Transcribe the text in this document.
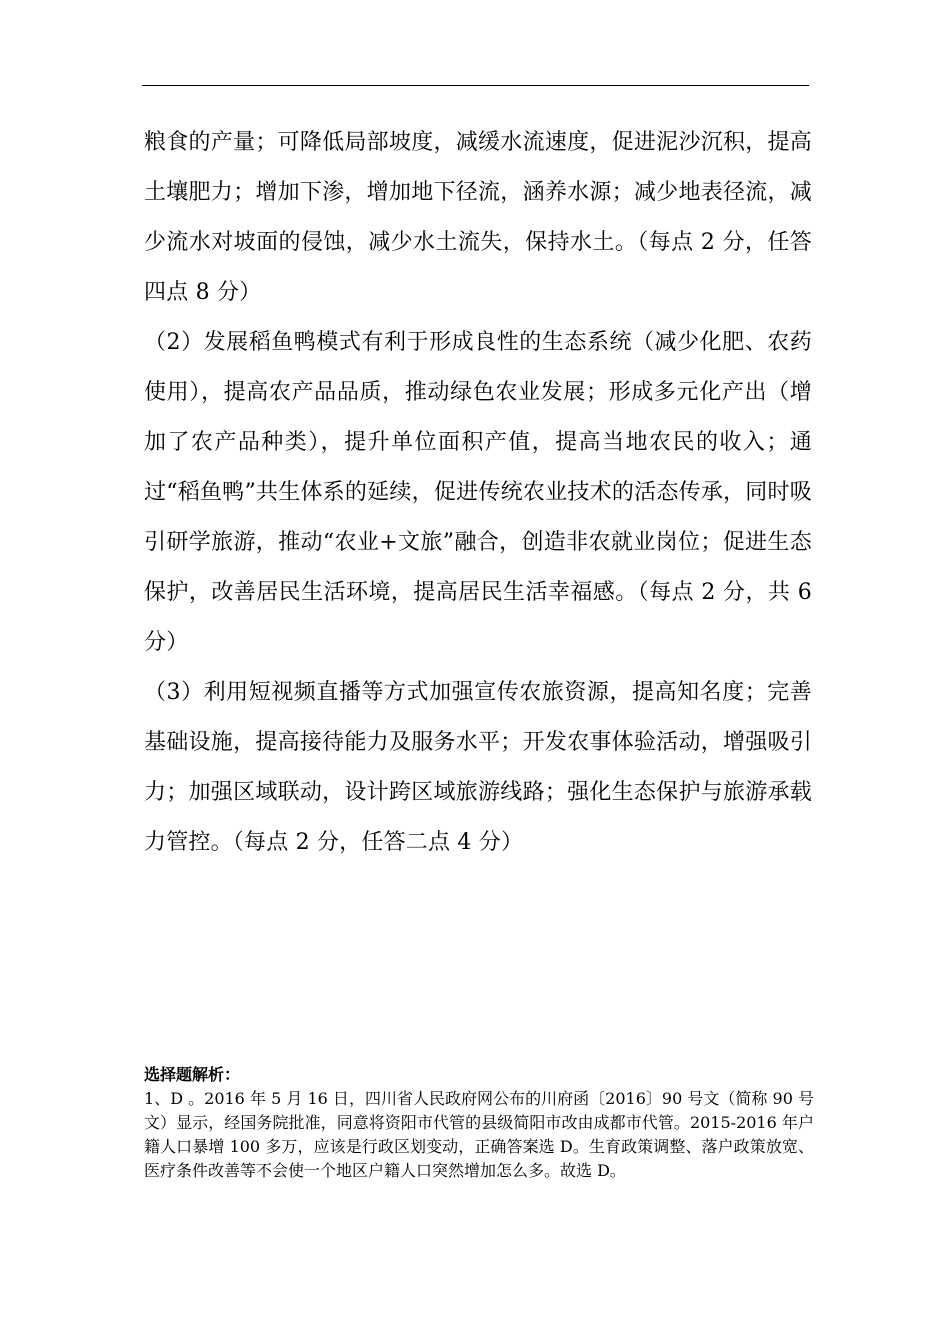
粮食的产量；可降低局部坡度，减缓水流速度，促进泥沙沉积，提高土壤肥力；增加下渗，增加地下径流，涵养水源；减少地表径流，减少流水对坡面的侵蚀，减少水土流失，保持水土。（每点 2 分，任答四点 8 分）

（2）发展稻鱼鸭模式有利于形成良性的生态系统（减少化肥、农药使用），提高农产品品质，推动绿色农业发展；形成多元化产出（增加了农产品种类），提升单位面积产值，提高当地农民的收入；通过“稻鱼鸭”共生体系的延续，促进传统农业技术的活态传承，同时吸引研学旅游，推动“农业+文旅”融合，创造非农就业岗位；促进生态保护，改善居民生活环境，提高居民生活幸福感。（每点 2 分，共 6 分）

（3）利用短视频直播等方式加强宣传农旅资源，提高知名度；完善基础设施，提高接待能力及服务水平；开发农事体验活动，增强吸引力；加强区域联动，设计跨区域旅游线路；强化生态保护与旅游承载力管控。（每点 2 分，任答二点 4 分）

选择题解析：

1、D 。2016 年 5 月 16 日，四川省人民政府网公布的川府函〔2016〕90 号文（简称 90 号文）显示，经国务院批准，同意将资阳市代管的县级简阳市改由成都市代管。2015-2016 年户籍人口暴增 100 多万，应该是行政区划变动，正确答案选 D。生育政策调整、落户政策放宽、医疗条件改善等不会使一个地区户籍人口突然增加怎么多。故选 D。
